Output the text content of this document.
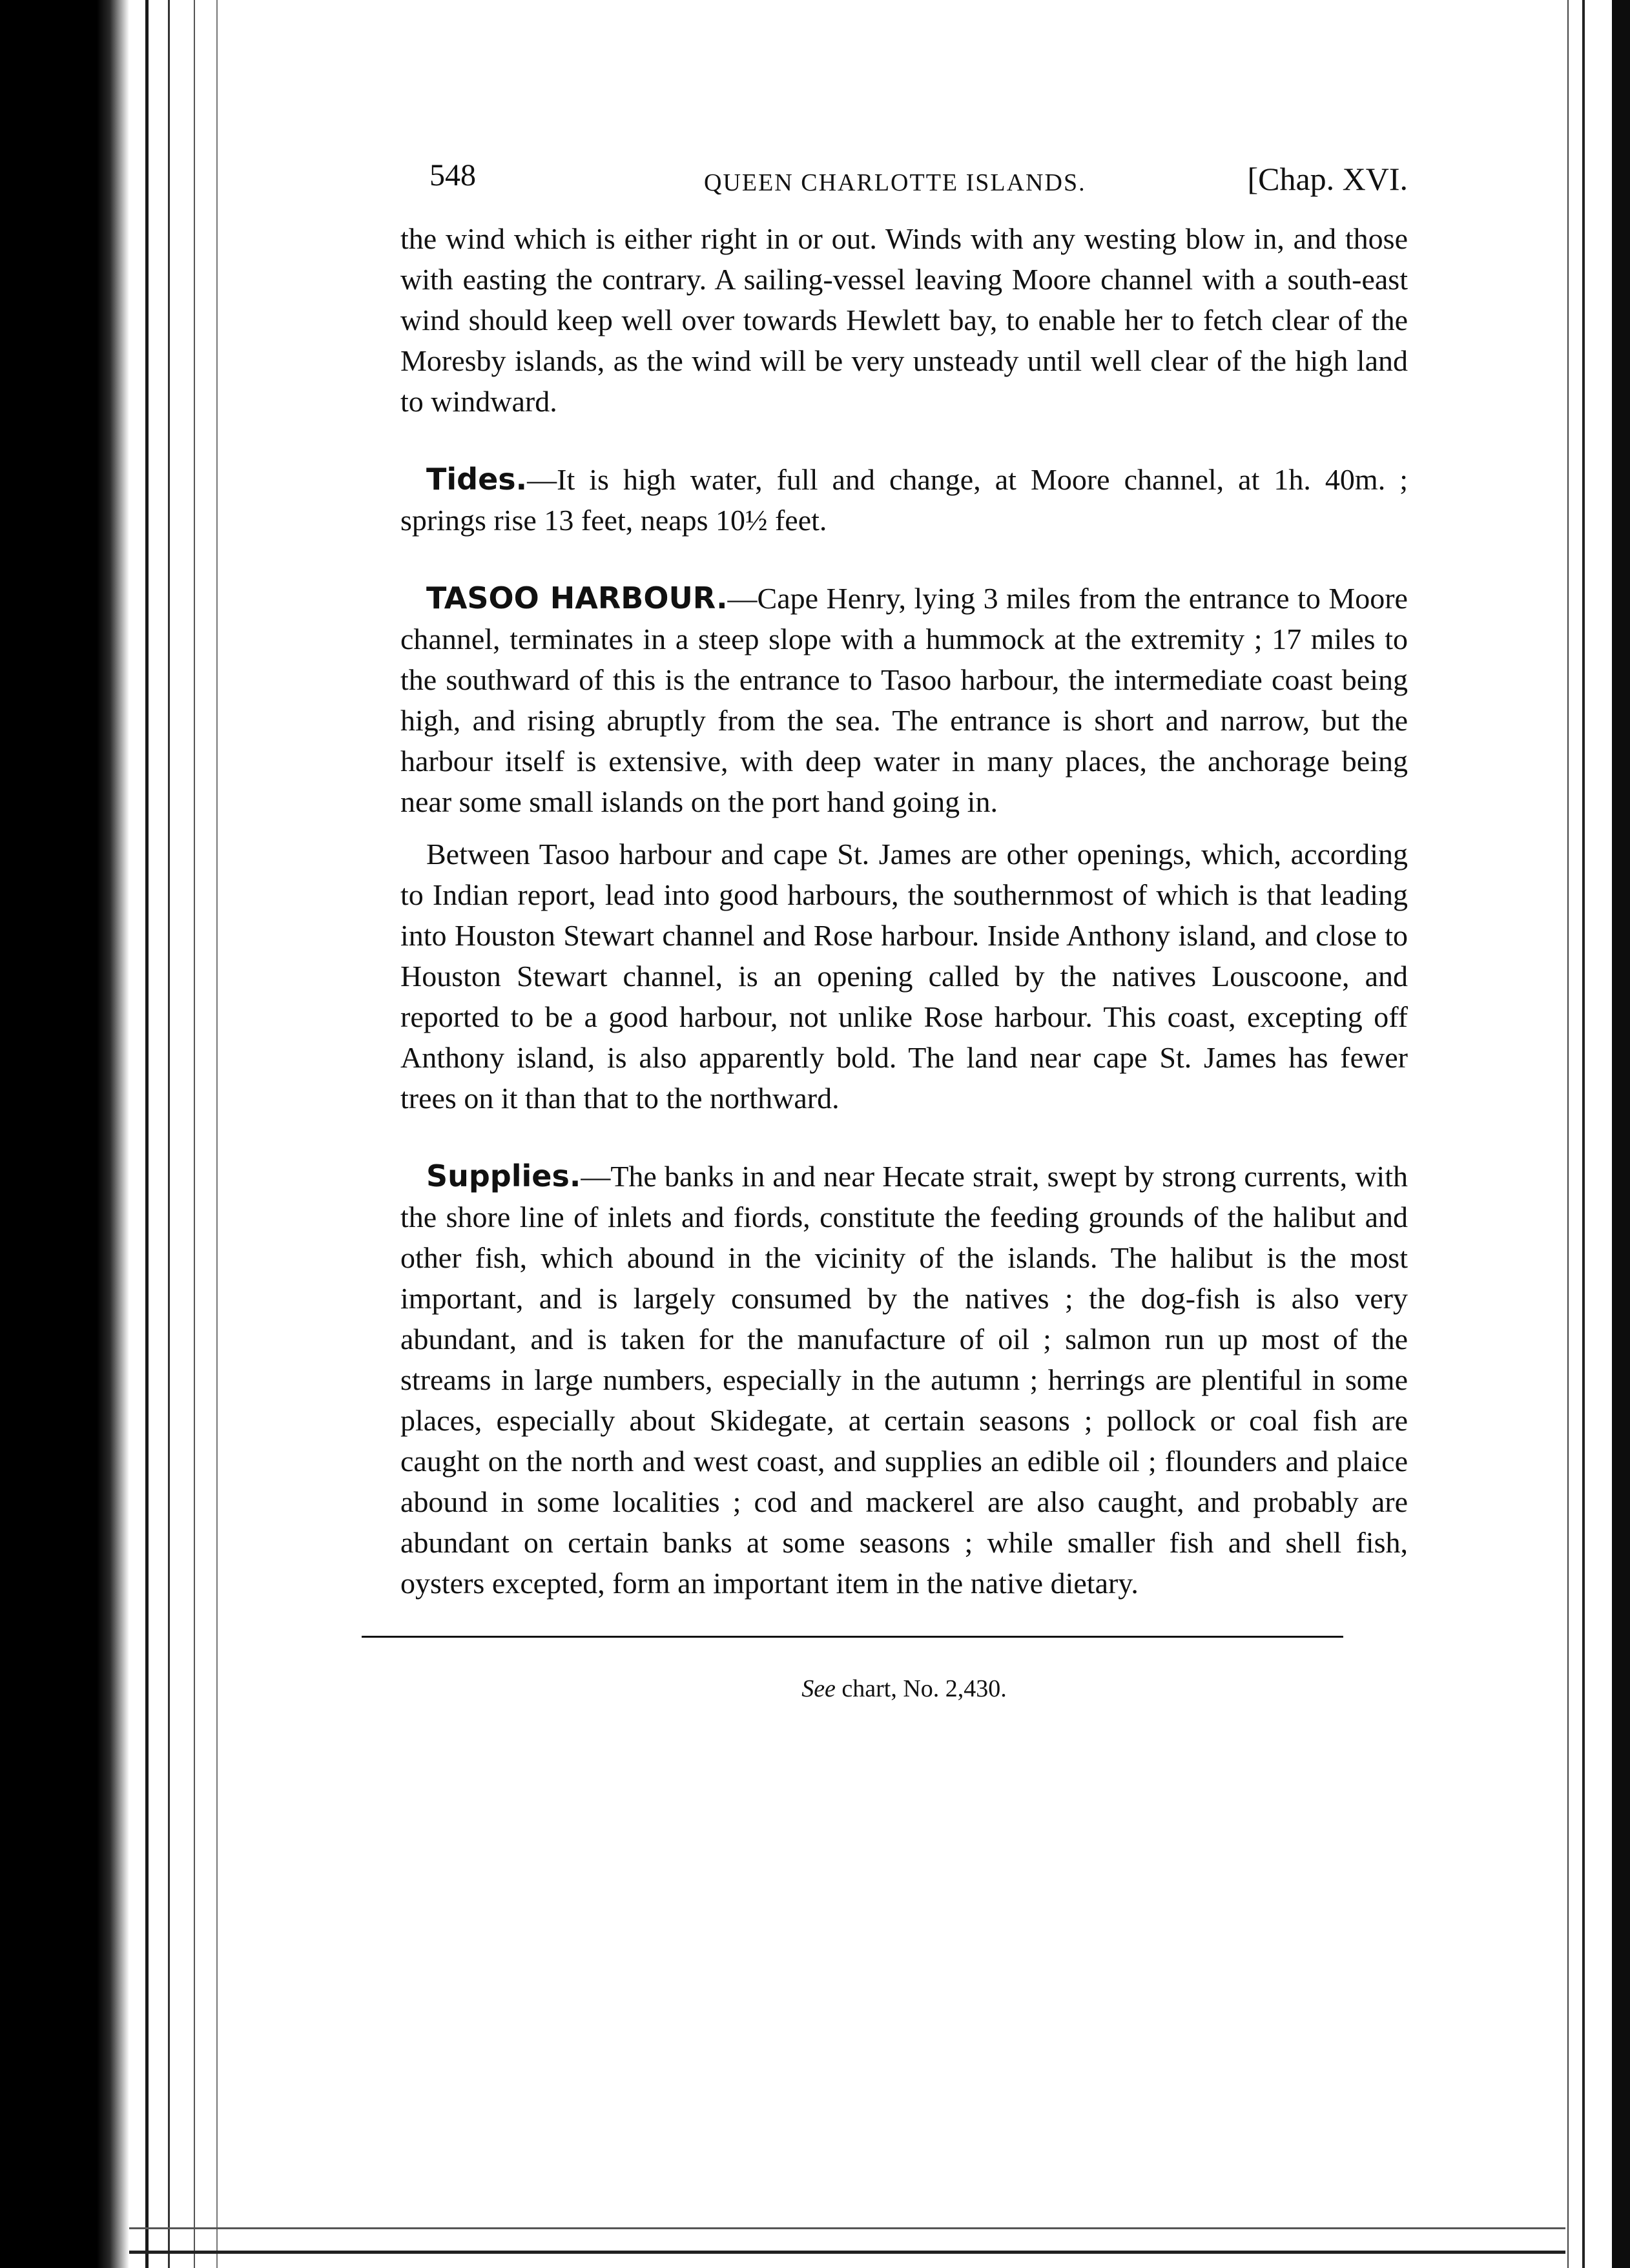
548	QUEEN CHARLOTTE ISLANDS.	[Chap. XVI.

the wind which is either right in or out. Winds with any westing blow in, and those with easting the contrary. A sailing-vessel leaving Moore channel with a south-east wind should keep well over towards Hewlett bay, to enable her to fetch clear of the Moresby islands, as the wind will be very unsteady until well clear of the high land to windward.

Tides.—It is high water, full and change, at Moore channel, at 1h. 40m. ; springs rise 13 feet, neaps 10½ feet.

TASOO HARBOUR.—Cape Henry, lying 3 miles from the entrance to Moore channel, terminates in a steep slope with a hummock at the extremity ; 17 miles to the southward of this is the entrance to Tasoo harbour, the intermediate coast being high, and rising abruptly from the sea. The entrance is short and narrow, but the harbour itself is extensive, with deep water in many places, the anchorage being near some small islands on the port hand going in.

Between Tasoo harbour and cape St. James are other openings, which, according to Indian report, lead into good harbours, the southernmost of which is that leading into Houston Stewart channel and Rose harbour. Inside Anthony island, and close to Houston Stewart channel, is an opening called by the natives Louscoone, and reported to be a good harbour, not unlike Rose harbour. This coast, excepting off Anthony island, is also apparently bold. The land near cape St. James has fewer trees on it than that to the northward.

Supplies.—The banks in and near Hecate strait, swept by strong currents, with the shore line of inlets and fiords, constitute the feeding grounds of the halibut and other fish, which abound in the vicinity of the islands. The halibut is the most important, and is largely consumed by the natives ; the dog-fish is also very abundant, and is taken for the manufacture of oil ; salmon run up most of the streams in large numbers, especially in the autumn ; herrings are plentiful in some places, especially about Skidegate, at certain seasons ; pollock or coal fish are caught on the north and west coast, and supplies an edible oil ; flounders and plaice abound in some localities ; cod and mackerel are also caught, and probably are abundant on certain banks at some seasons ; while smaller fish and shell fish, oysters excepted, form an important item in the native dietary.

See chart, No. 2,430.
